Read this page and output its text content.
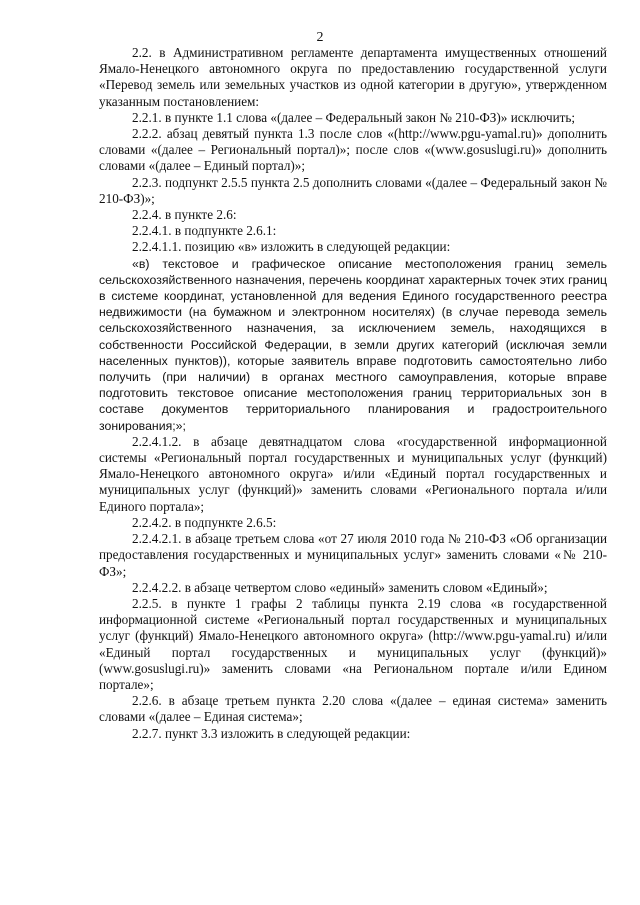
2

2.2. в Административном регламенте департамента имущественных отношений Ямало-Ненецкого автономного округа по предоставлению государственной услуги «Перевод земель или земельных участков из одной категории в другую», утвержденном указанным постановлением:

2.2.1. в пункте 1.1 слова «(далее – Федеральный закон № 210-ФЗ)» исключить;

2.2.2. абзац девятый пункта 1.3 после слов «(http://www.pgu-yamal.ru)» дополнить словами «(далее – Региональный портал)»; после слов «(www.gosuslugi.ru)» дополнить словами «(далее – Единый портал)»;

2.2.3. подпункт 2.5.5 пункта 2.5 дополнить словами «(далее – Федеральный закон № 210-ФЗ)»;

2.2.4. в пункте 2.6:

2.2.4.1. в подпункте 2.6.1:

2.2.4.1.1. позицию «в» изложить в следующей редакции:

«в) текстовое и графическое описание местоположения границ земель сельскохозяйственного назначения, перечень координат характерных точек этих границ в системе координат, установленной для ведения Единого государственного реестра недвижимости (на бумажном и электронном носителях) (в случае перевода земель сельскохозяйственного назначения, за исключением земель, находящихся в собственности Российской Федерации, в земли других категорий (исключая земли населенных пунктов)), которые заявитель вправе подготовить самостоятельно либо получить (при наличии) в органах местного самоуправления, которые вправе подготовить текстовое описание местоположения границ территориальных зон в составе документов территориального планирования и градостроительного зонирования;»;

2.2.4.1.2. в абзаце девятнадцатом слова «государственной информационной системы «Региональный портал государственных и муниципальных услуг (функций) Ямало-Ненецкого автономного округа» и/или «Единый портал государственных и муниципальных услуг (функций)» заменить словами «Регионального портала и/или Единого портала»;

2.2.4.2. в подпункте 2.6.5:

2.2.4.2.1. в абзаце третьем слова «от 27 июля 2010 года № 210-ФЗ «Об организации предоставления государственных и муниципальных услуг» заменить словами «№ 210-ФЗ»;

2.2.4.2.2. в абзаце четвертом слово «единый» заменить словом «Единый»;

2.2.5. в пункте 1 графы 2 таблицы пункта 2.19 слова «в государственной информационной системе «Региональный портал государственных и муниципальных услуг (функций) Ямало-Ненецкого автономного округа» (http://www.pgu-yamal.ru) и/или «Единый портал государственных и муниципальных услуг (функций)» (www.gosuslugi.ru)» заменить словами «на Региональном портале и/или Едином портале»;

2.2.6. в абзаце третьем пункта 2.20 слова «(далее – единая система» заменить словами «(далее – Единая система»;

2.2.7. пункт 3.3 изложить в следующей редакции:
